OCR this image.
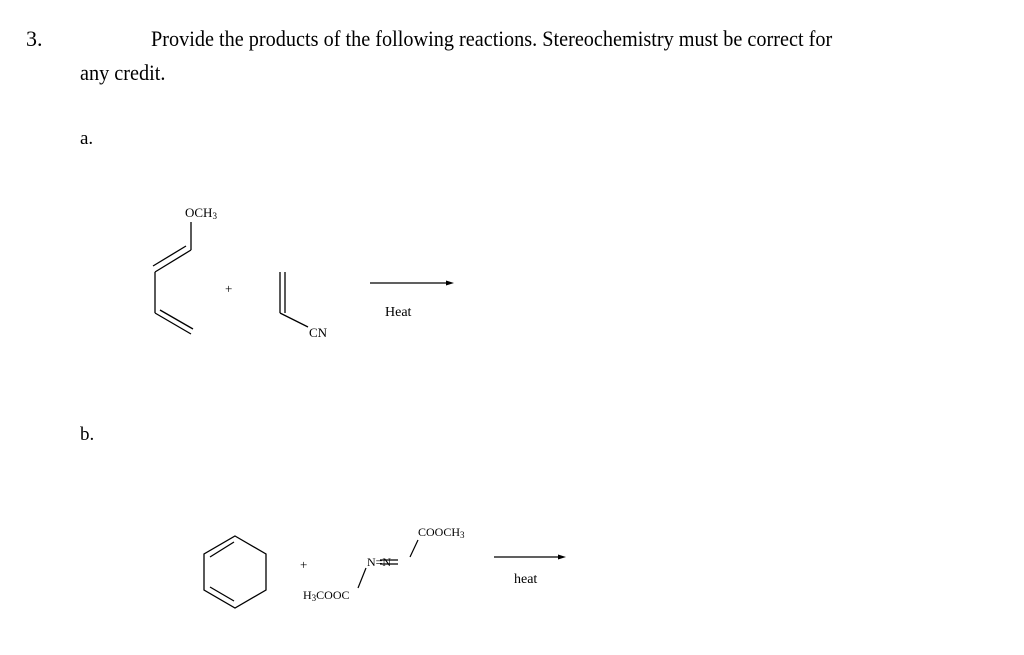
3.	Provide the products of the following reactions. Stereochemistry must be correct for
any credit.
a.
b.
$OCH_3$
+
CN
Heat
+
$COOCH_3$
N=N
$H_3COOC$
heat
